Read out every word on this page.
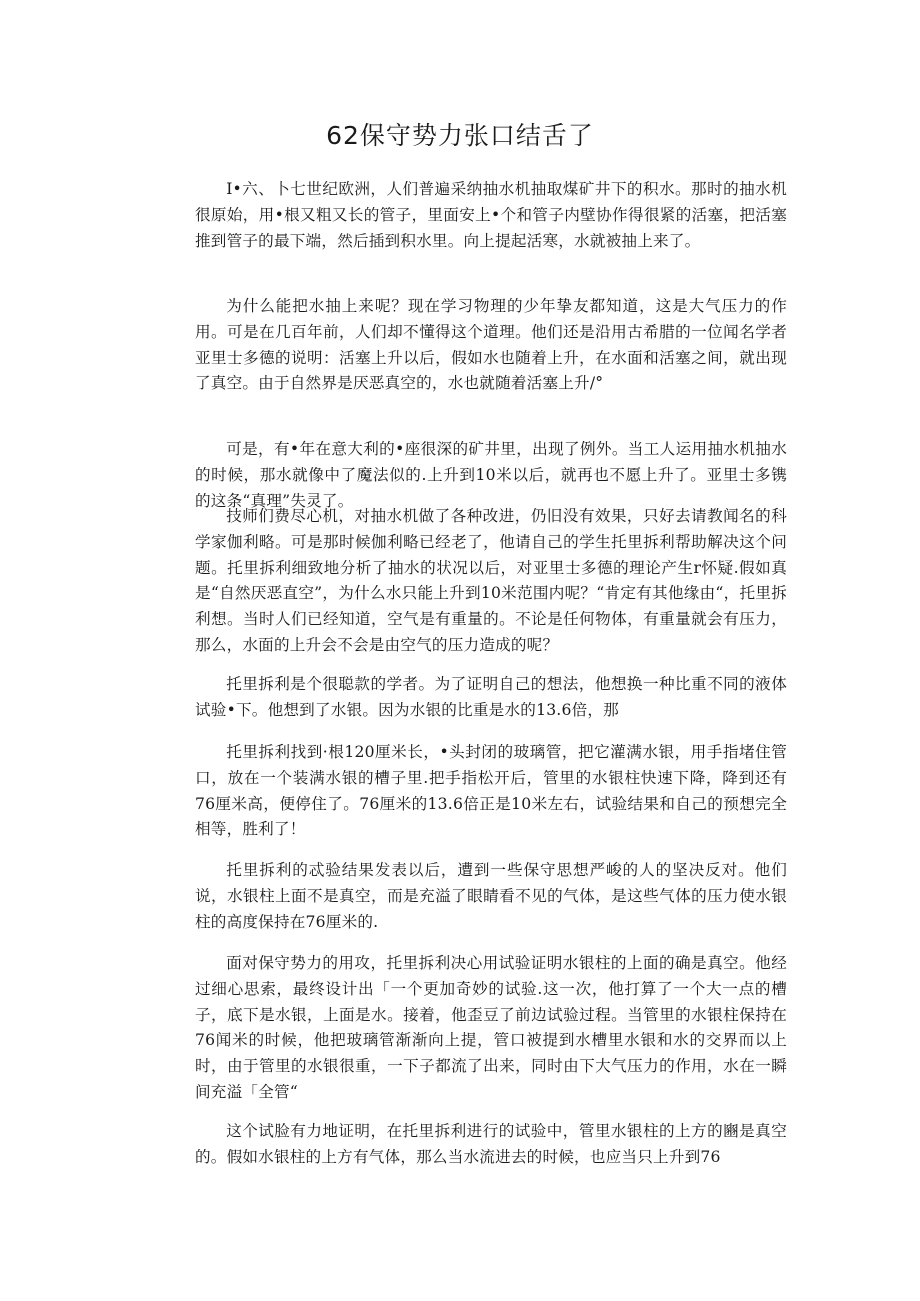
62保守势力张口结舌了

I•六、卜七世纪欧洲，人们普遍采纳抽水机抽取煤矿井下的积水。那时的抽水机很原始，用•根又粗又长的管子，里面安上•个和管子内壁协作得很紧的活塞，把活塞推到管子的最下端，然后插到积水里。向上提起活寒，水就被抽上来了。

为什么能把水抽上来呢？现在学习物理的少年挚友都知道，这是大气压力的作用。可是在几百年前，人们却不懂得这个道理。他们还是沿用古希腊的一位闻名学者亚里士多德的说明：活塞上升以后，假如水也随着上升，在水面和活塞之间，就出现了真空。由于自然界是厌恶真空的，水也就随着活塞上升/°

可是，有•年在意大利的•座很深的矿井里，出现了例外。当工人运用抽水机抽水的时候，那水就像中了魔法似的.上升到10米以后，就再也不愿上升了。亚里士多镌的这条“真理”失灵了。

技师们费尽心机，对抽水机做了各种改进，仍旧没有效果，只好去请教闻名的科学家伽利略。可是那时候伽利略已经老了，他请自己的学生托里拆利帮助解决这个问题。托里拆利细致地分析了抽水的状况以后，对亚里士多德的理论产生r怀疑.假如真是“自然厌恶直空”，为什么水只能上升到10米范围内呢？“肯定有其他缘由“，托里拆利想。当时人们已经知道，空气是有重量的。不论是任何物体，有重量就会有压力，那么，水面的上升会不会是由空气的压力造成的呢？

托里拆利是个很聪款的学者。为了证明自己的想法，他想换一种比重不同的液体试验•下。他想到了水银。因为水银的比重是水的13.6倍，那

托里拆利找到·根120厘米长，•头封闭的玻璃管，把它灌满水银，用手指堵住管口，放在一个装满水银的槽子里.把手指松开后，管里的水银柱快速下降，降到还有76厘米高，便停住了。76厘米的13.6倍正是10米左右，试验结果和自己的预想完全相等，胜利了！

托里拆利的忒验结果发表以后，遭到一些保守思想严峻的人的坚决反对。他们说，水银柱上面不是真空，而是充溢了眼睛看不见的气体，是这些气体的压力使水银柱的高度保持在76厘米的.

面对保守势力的用攻，托里拆利决心用试验证明水银柱的上面的确是真空。他经过细心思索，最终设计出「一个更加奇妙的试验.这一次，他打算了一个大一点的槽子，底下是水银，上面是水。接着，他歪豆了前边试验过程。当管里的水银柱保持在76闻米的时候，他把玻璃管渐渐向上提，管口被提到水槽里水银和水的交界而以上时，由于管里的水银很重，一下子都流了出来，同时由下大气压力的作用，水在一瞬间充溢「全管“

这个试脸有力地证明，在托里拆利进行的试验中，管里水银柱的上方的豳是真空的。假如水银柱的上方有气体，那么当水流进去的时候，也应当只上升到76
